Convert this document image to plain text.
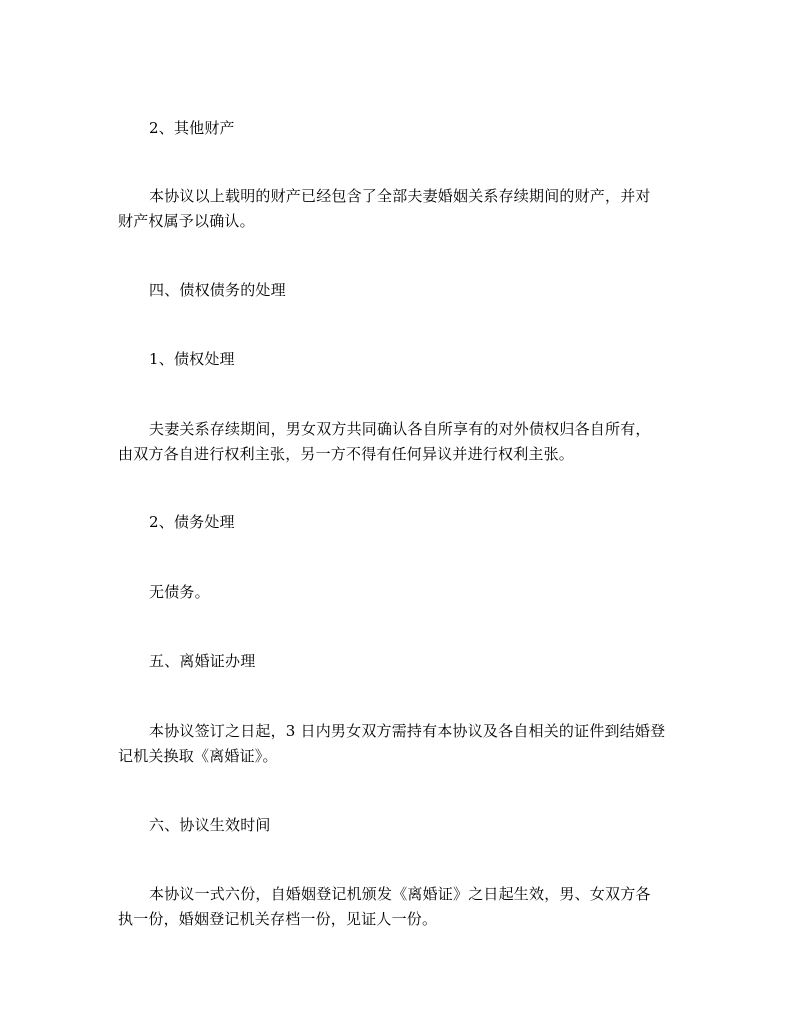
2、其他财产
本协议以上载明的财产已经包含了全部夫妻婚姻关系存续期间的财产，并对
财产权属予以确认。
四、债权债务的处理
1、债权处理
夫妻关系存续期间，男女双方共同确认各自所享有的对外债权归各自所有，
由双方各自进行权利主张，另一方不得有任何异议并进行权利主张。
2、债务处理
无债务。
五、离婚证办理
本协议签订之日起，3 日内男女双方需持有本协议及各自相关的证件到结婚登
记机关换取《离婚证》。
六、协议生效时间
本协议一式六份，自婚姻登记机颁发《离婚证》之日起生效，男、女双方各
执一份，婚姻登记机关存档一份，见证人一份。
